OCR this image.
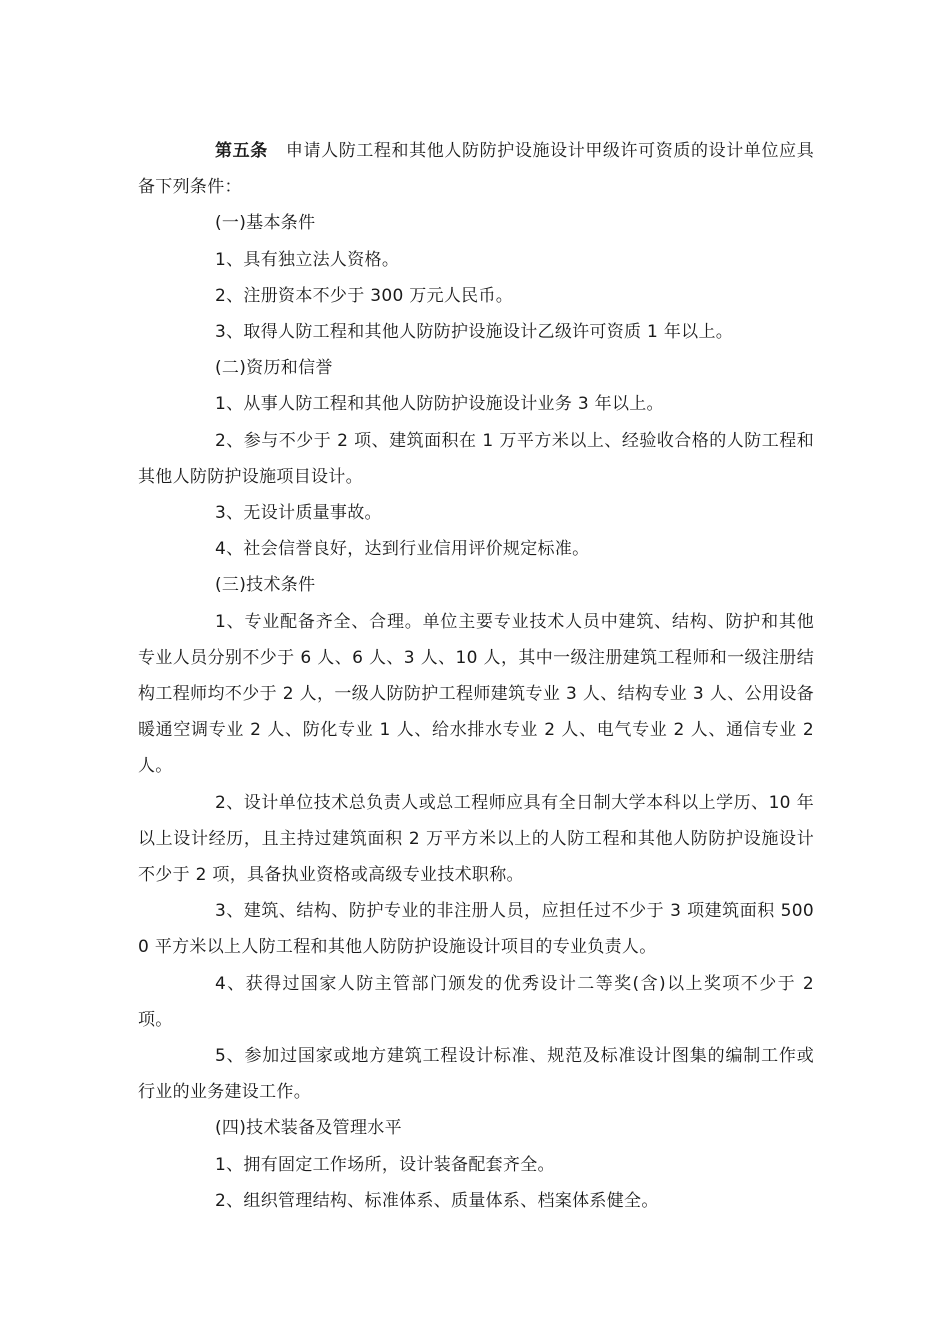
第五条 申请人防工程和其他人防防护设施设计甲级许可资质的设计单位应具备下列条件：

(一)基本条件

1、具有独立法人资格。

2、注册资本不少于 300 万元人民币。

3、取得人防工程和其他人防防护设施设计乙级许可资质 1 年以上。

(二)资历和信誉

1、从事人防工程和其他人防防护设施设计业务 3 年以上。

2、参与不少于 2 项、建筑面积在 1 万平方米以上、经验收合格的人防工程和其他人防防护设施项目设计。

3、无设计质量事故。

4、社会信誉良好，达到行业信用评价规定标准。

(三)技术条件

1、专业配备齐全、合理。单位主要专业技术人员中建筑、结构、防护和其他专业人员分别不少于 6 人、6 人、3 人、10 人，其中一级注册建筑工程师和一级注册结构工程师均不少于 2 人，一级人防防护工程师建筑专业 3 人、结构专业 3 人、公用设备暖通空调专业 2 人、防化专业 1 人、给水排水专业 2 人、电气专业 2 人、通信专业 2 人。

2、设计单位技术总负责人或总工程师应具有全日制大学本科以上学历、10 年以上设计经历，且主持过建筑面积 2 万平方米以上的人防工程和其他人防防护设施设计不少于 2 项，具备执业资格或高级专业技术职称。

3、建筑、结构、防护专业的非注册人员，应担任过不少于 3 项建筑面积 5000 平方米以上人防工程和其他人防防护设施设计项目的专业负责人。

4、获得过国家人防主管部门颁发的优秀设计二等奖(含)以上奖项不少于 2 项。

5、参加过国家或地方建筑工程设计标准、规范及标准设计图集的编制工作或行业的业务建设工作。

(四)技术装备及管理水平

1、拥有固定工作场所，设计装备配套齐全。

2、组织管理结构、标准体系、质量体系、档案体系健全。
